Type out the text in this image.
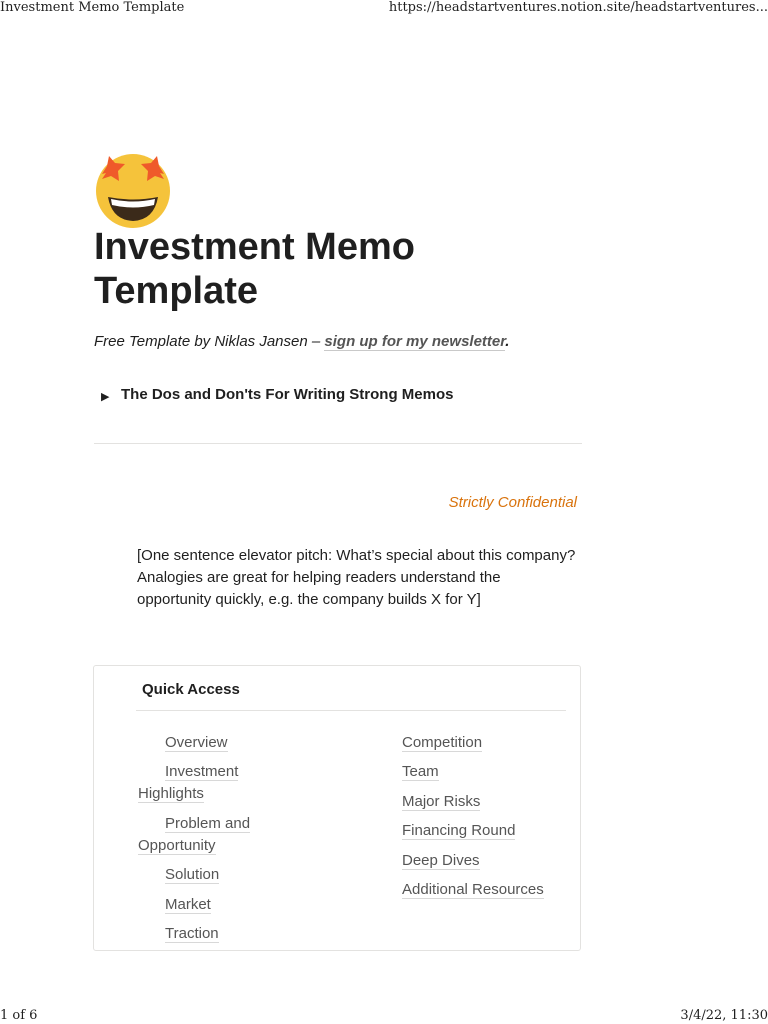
Investment Memo Template	https://headstartventures.notion.site/headstartventures...
Investment Memo Template
Free Template by Niklas Jansen – sign up for my newsletter.
▶ The Dos and Don'ts For Writing Strong Memos
Strictly Confidential
[One sentence elevator pitch: What’s special about this company? Analogies are great for helping readers understand the opportunity quickly, e.g. the company builds X for Y]
Quick Access
Overview
Investment Highlights
Problem and Opportunity
Solution
Market
Traction
Competition
Team
Major Risks
Financing Round
Deep Dives
Additional Resources
1 of 6	3/4/22, 11:30
